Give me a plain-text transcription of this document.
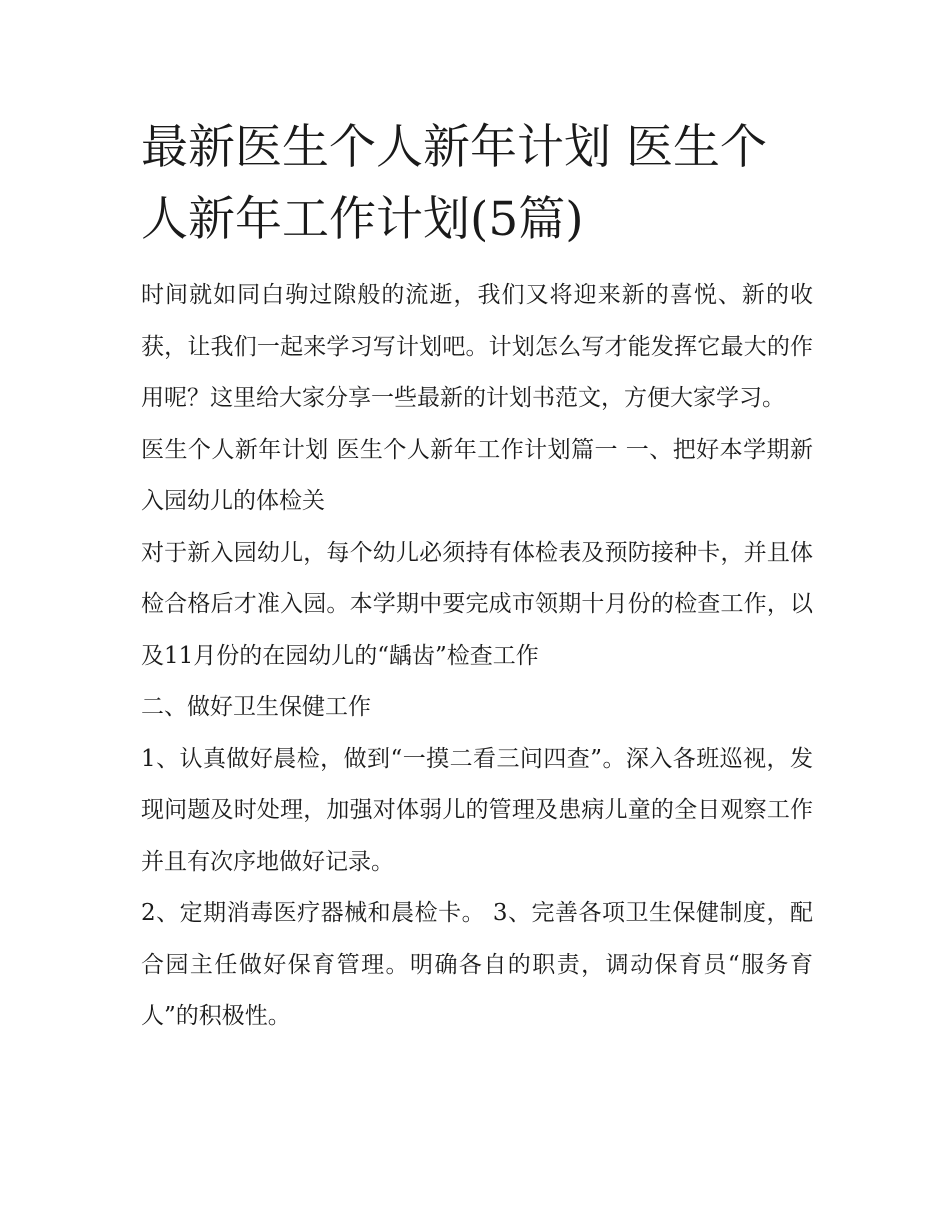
最新医生个人新年计划 医生个人新年工作计划(5篇)

时间就如同白驹过隙般的流逝，我们又将迎来新的喜悦、新的收获，让我们一起来学习写计划吧。计划怎么写才能发挥它最大的作用呢？这里给大家分享一些最新的计划书范文，方便大家学习。

医生个人新年计划 医生个人新年工作计划篇一 一、把好本学期新入园幼儿的体检关

对于新入园幼儿，每个幼儿必须持有体检表及预防接种卡，并且体检合格后才准入园。本学期中要完成市领期十月份的检查工作，以及11月份的在园幼儿的“龋齿”检查工作

二、做好卫生保健工作

1、认真做好晨检，做到“一摸二看三问四查”。深入各班巡视，发现问题及时处理，加强对体弱儿的管理及患病儿童的全日观察工作并且有次序地做好记录。

2、定期消毒医疗器械和晨检卡。 3、完善各项卫生保健制度，配合园主任做好保育管理。明确各自的职责，调动保育员“服务育人”的积极性。
